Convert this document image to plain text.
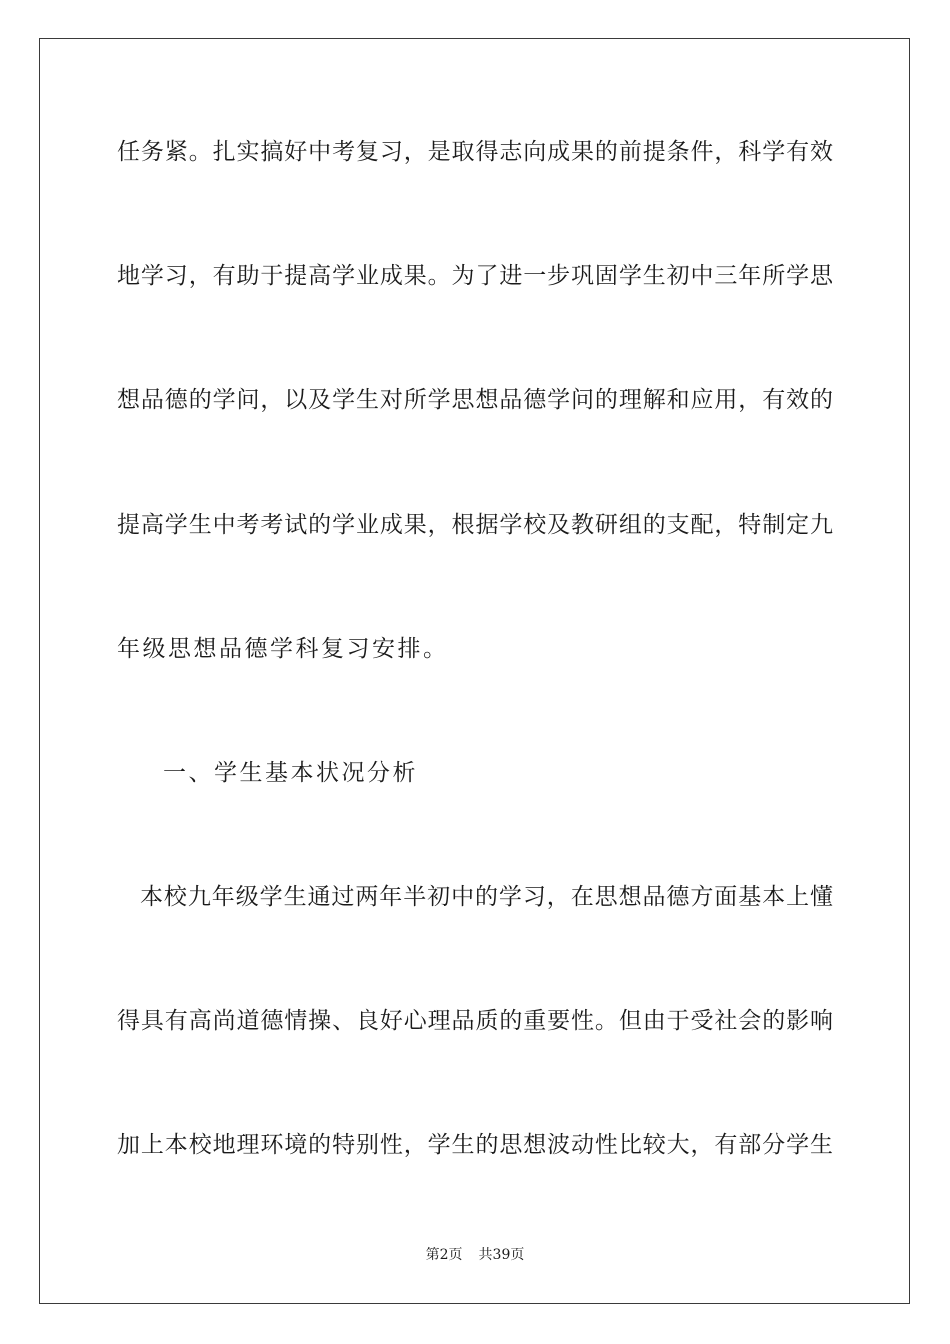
任务紧。扎实搞好中考复习，是取得志向成果的前提条件，科学有效
地学习，有助于提高学业成果。为了进一步巩固学生初中三年所学思
想品德的学问，以及学生对所学思想品德学问的理解和应用，有效的
提高学生中考考试的学业成果，根据学校及教研组的支配，特制定九
年级思想品德学科复习安排。
一、学生基本状况分析
本校九年级学生通过两年半初中的学习，在思想品德方面基本上懂
得具有高尚道德情操、良好心理品质的重要性。但由于受社会的影响
加上本校地理环境的特别性，学生的思想波动性比较大，有部分学生
第2页 共39页
